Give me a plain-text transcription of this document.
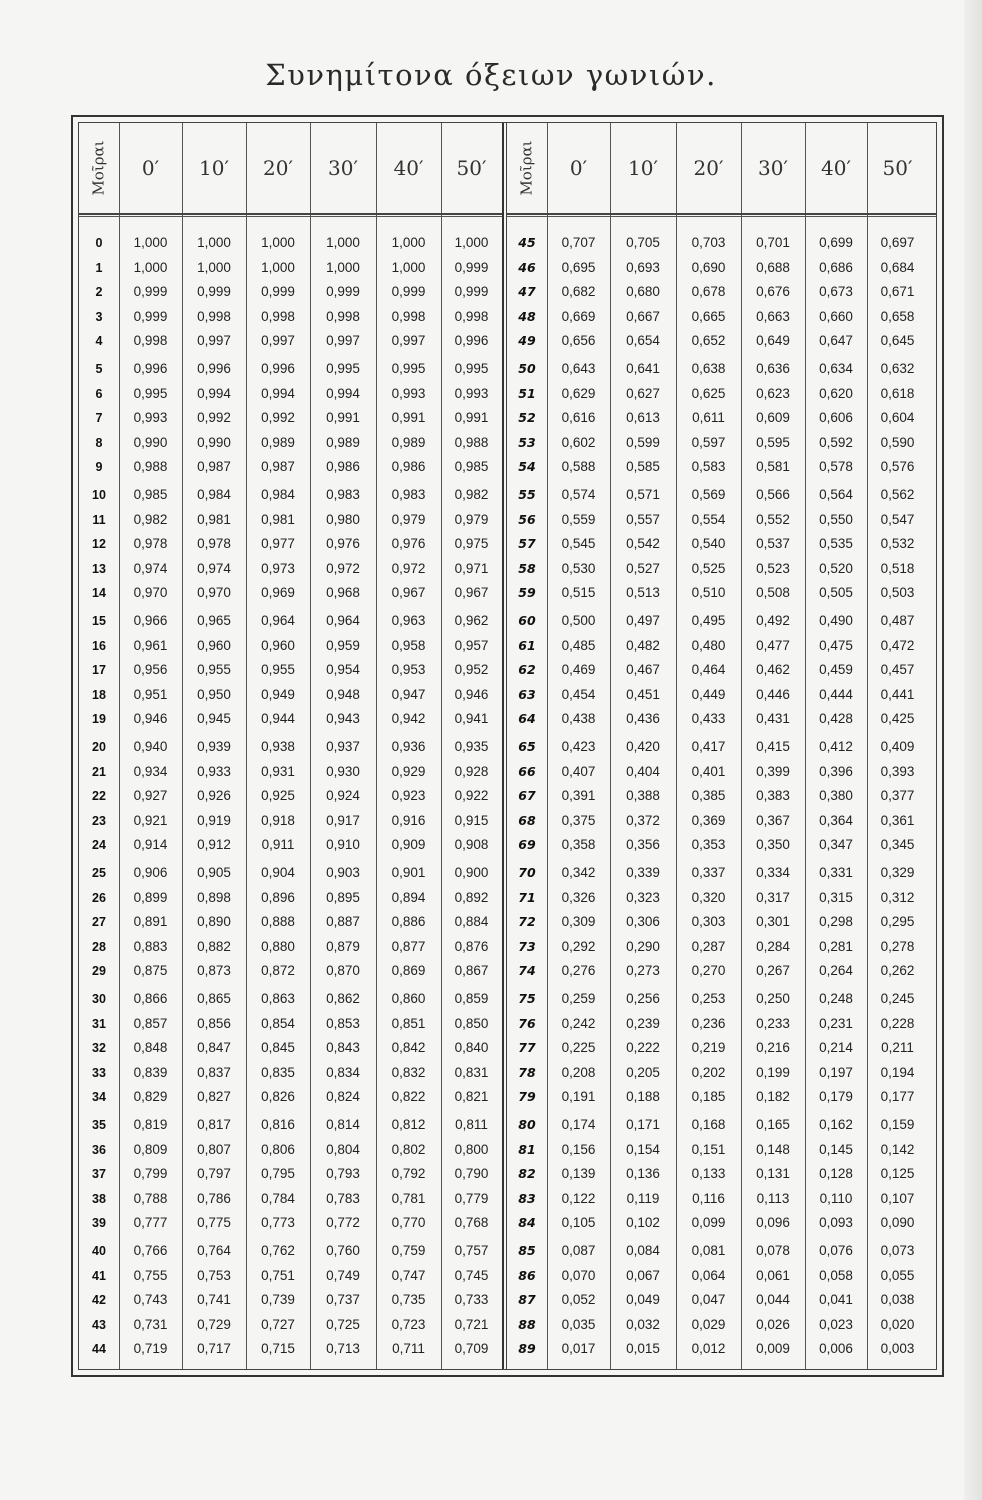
Συνημίτονα όξειων γωνιών.
Μοῖραι	0′	10′	20′	30′	40′	50′
0	1,000	1,000	1,000	1,000	1,000	1,000
1	1,000	1,000	1,000	1,000	1,000	0,999
2	0,999	0,999	0,999	0,999	0,999	0,999
3	0,999	0,998	0,998	0,998	0,998	0,998
4	0,998	0,997	0,997	0,997	0,997	0,996
5	0,996	0,996	0,996	0,995	0,995	0,995
6	0,995	0,994	0,994	0,994	0,993	0,993
7	0,993	0,992	0,992	0,991	0,991	0,991
8	0,990	0,990	0,989	0,989	0,989	0,988
9	0,988	0,987	0,987	0,986	0,986	0,985
10	0,985	0,984	0,984	0,983	0,983	0,982
11	0,982	0,981	0,981	0,980	0,979	0,979
12	0,978	0,978	0,977	0,976	0,976	0,975
13	0,974	0,974	0,973	0,972	0,972	0,971
14	0,970	0,970	0,969	0,968	0,967	0,967
15	0,966	0,965	0,964	0,964	0,963	0,962
16	0,961	0,960	0,960	0,959	0,958	0,957
17	0,956	0,955	0,955	0,954	0,953	0,952
18	0,951	0,950	0,949	0,948	0,947	0,946
19	0,946	0,945	0,944	0,943	0,942	0,941
20	0,940	0,939	0,938	0,937	0,936	0,935
21	0,934	0,933	0,931	0,930	0,929	0,928
22	0,927	0,926	0,925	0,924	0,923	0,922
23	0,921	0,919	0,918	0,917	0,916	0,915
24	0,914	0,912	0,911	0,910	0,909	0,908
25	0,906	0,905	0,904	0,903	0,901	0,900
26	0,899	0,898	0,896	0,895	0,894	0,892
27	0,891	0,890	0,888	0,887	0,886	0,884
28	0,883	0,882	0,880	0,879	0,877	0,876
29	0,875	0,873	0,872	0,870	0,869	0,867
30	0,866	0,865	0,863	0,862	0,860	0,859
31	0,857	0,856	0,854	0,853	0,851	0,850
32	0,848	0,847	0,845	0,843	0,842	0,840
33	0,839	0,837	0,835	0,834	0,832	0,831
34	0,829	0,827	0,826	0,824	0,822	0,821
35	0,819	0,817	0,816	0,814	0,812	0,811
36	0,809	0,807	0,806	0,804	0,802	0,800
37	0,799	0,797	0,795	0,793	0,792	0,790
38	0,788	0,786	0,784	0,783	0,781	0,779
39	0,777	0,775	0,773	0,772	0,770	0,768
40	0,766	0,764	0,762	0,760	0,759	0,757
41	0,755	0,753	0,751	0,749	0,747	0,745
42	0,743	0,741	0,739	0,737	0,735	0,733
43	0,731	0,729	0,727	0,725	0,723	0,721
44	0,719	0,717	0,715	0,713	0,711	0,709
Μοῖραι	0′	10′	20′	30′	40′	50′
45	0,707	0,705	0,703	0,701	0,699	0,697
46	0,695	0,693	0,690	0,688	0,686	0,684
47	0,682	0,680	0,678	0,676	0,673	0,671
48	0,669	0,667	0,665	0,663	0,660	0,658
49	0,656	0,654	0,652	0,649	0,647	0,645
50	0,643	0,641	0,638	0,636	0,634	0,632
51	0,629	0,627	0,625	0,623	0,620	0,618
52	0,616	0,613	0,611	0,609	0,606	0,604
53	0,602	0,599	0,597	0,595	0,592	0,590
54	0,588	0,585	0,583	0,581	0,578	0,576
55	0,574	0,571	0,569	0,566	0,564	0,562
56	0,559	0,557	0,554	0,552	0,550	0,547
57	0,545	0,542	0,540	0,537	0,535	0,532
58	0,530	0,527	0,525	0,523	0,520	0,518
59	0,515	0,513	0,510	0,508	0,505	0,503
60	0,500	0,497	0,495	0,492	0,490	0,487
61	0,485	0,482	0,480	0,477	0,475	0,472
62	0,469	0,467	0,464	0,462	0,459	0,457
63	0,454	0,451	0,449	0,446	0,444	0,441
64	0,438	0,436	0,433	0,431	0,428	0,425
65	0,423	0,420	0,417	0,415	0,412	0,409
66	0,407	0,404	0,401	0,399	0,396	0,393
67	0,391	0,388	0,385	0,383	0,380	0,377
68	0,375	0,372	0,369	0,367	0,364	0,361
69	0,358	0,356	0,353	0,350	0,347	0,345
70	0,342	0,339	0,337	0,334	0,331	0,329
71	0,326	0,323	0,320	0,317	0,315	0,312
72	0,309	0,306	0,303	0,301	0,298	0,295
73	0,292	0,290	0,287	0,284	0,281	0,278
74	0,276	0,273	0,270	0,267	0,264	0,262
75	0,259	0,256	0,253	0,250	0,248	0,245
76	0,242	0,239	0,236	0,233	0,231	0,228
77	0,225	0,222	0,219	0,216	0,214	0,211
78	0,208	0,205	0,202	0,199	0,197	0,194
79	0,191	0,188	0,185	0,182	0,179	0,177
80	0,174	0,171	0,168	0,165	0,162	0,159
81	0,156	0,154	0,151	0,148	0,145	0,142
82	0,139	0,136	0,133	0,131	0,128	0,125
83	0,122	0,119	0,116	0,113	0,110	0,107
84	0,105	0,102	0,099	0,096	0,093	0,090
85	0,087	0,084	0,081	0,078	0,076	0,073
86	0,070	0,067	0,064	0,061	0,058	0,055
87	0,052	0,049	0,047	0,044	0,041	0,038
88	0,035	0,032	0,029	0,026	0,023	0,020
89	0,017	0,015	0,012	0,009	0,006	0,003
